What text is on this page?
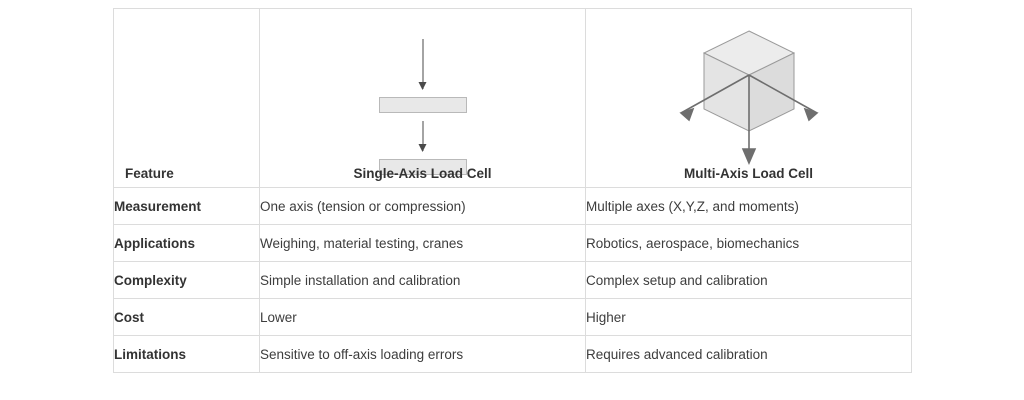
Feature	Single-Axis Load Cell	Multi-Axis Load Cell

Measurement	One axis (tension or compression)	Multiple axes (X,Y,Z, and moments)
Applications	Weighing, material testing, cranes	Robotics, aerospace, biomechanics
Complexity	Simple installation and calibration	Complex setup and calibration
Cost	Lower	Higher
Limitations	Sensitive to off-axis loading errors	Requires advanced calibration
